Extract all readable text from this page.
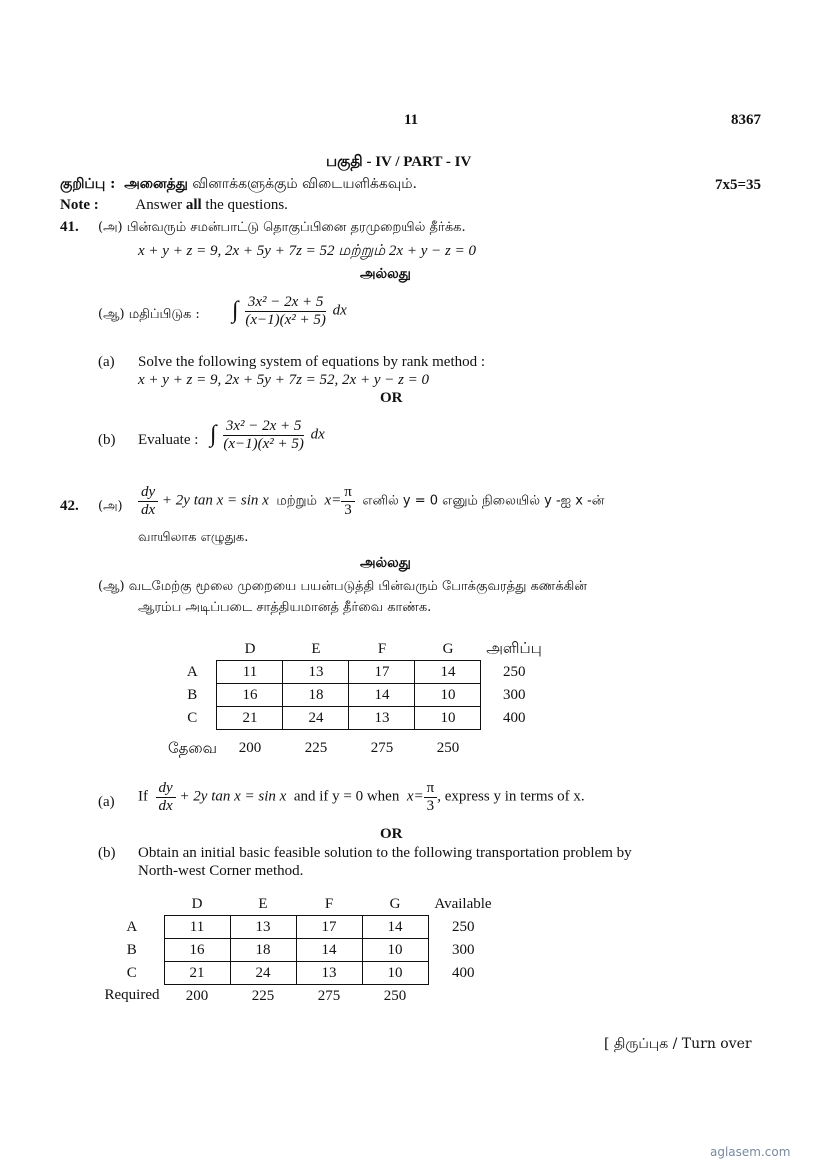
11	8367
பகுதி - IV / PART - IV
குறிப்பு : அனைத்து வினாக்களுக்கும் விடையளிக்கவும்.	7x5=35
Note : Answer all the questions.
41. (அ) பின்வரும் சமன்பாட்டு தொகுப்பினை தரமுறையில் தீர்க்க.
x + y + z = 9, 2x + 5y + 7z = 52 மற்றும் 2x + y − z = 0
அல்லது
(ஆ) மதிப்பிடுக : ∫ $\frac{\text{3x² − 2x + 5}}{\text{(x−1)(x² + 5)}}$ dx
(a) Solve the following system of equations by rank method :
x + y + z = 9, 2x + 5y + 7z = 52, 2x + y − z = 0
OR
(b) Evaluate : ∫ $\frac{\text{3x² − 2x + 5}}{\text{(x−1)(x² + 5)}}$ dx
42. (அ) $\frac{dy}{dx} + 2y$ tan x = sin x மற்றும் $x= \frac{\pi}{3}$ எனில் y = 0 எனும் நிலையில் y -ஐ x -ன்
வாயிலாக எழுதுக.
அல்லது
(ஆ) வடமேற்கு மூலை முறையை பயன்படுத்தி பின்வரும் போக்குவரத்து கணக்கின்
ஆரம்ப அடிப்படை சாத்தியமானத் தீர்வை காண்க.
	D	E	F	G	அளிப்பு
A	11	13	17	14	250
B	16	18	14	10	300
C	21	24	13	10	400
தேவை	200	225	275	250	
(a) If $\frac{dy}{dx} + 2y$ tan x = sin x and if y = 0 when $x= \frac{\pi}{3}$ , express y in terms of x.
OR
(b) Obtain an initial basic feasible solution to the following transportation problem by
North-west Corner method.
	D	E	F	G	Available
A	11	13	17	14	250
B	16	18	14	10	300
C	21	24	13	10	400
Required	200	225	275	250	
[ திருப்புக / Turn over
aglasem.com
